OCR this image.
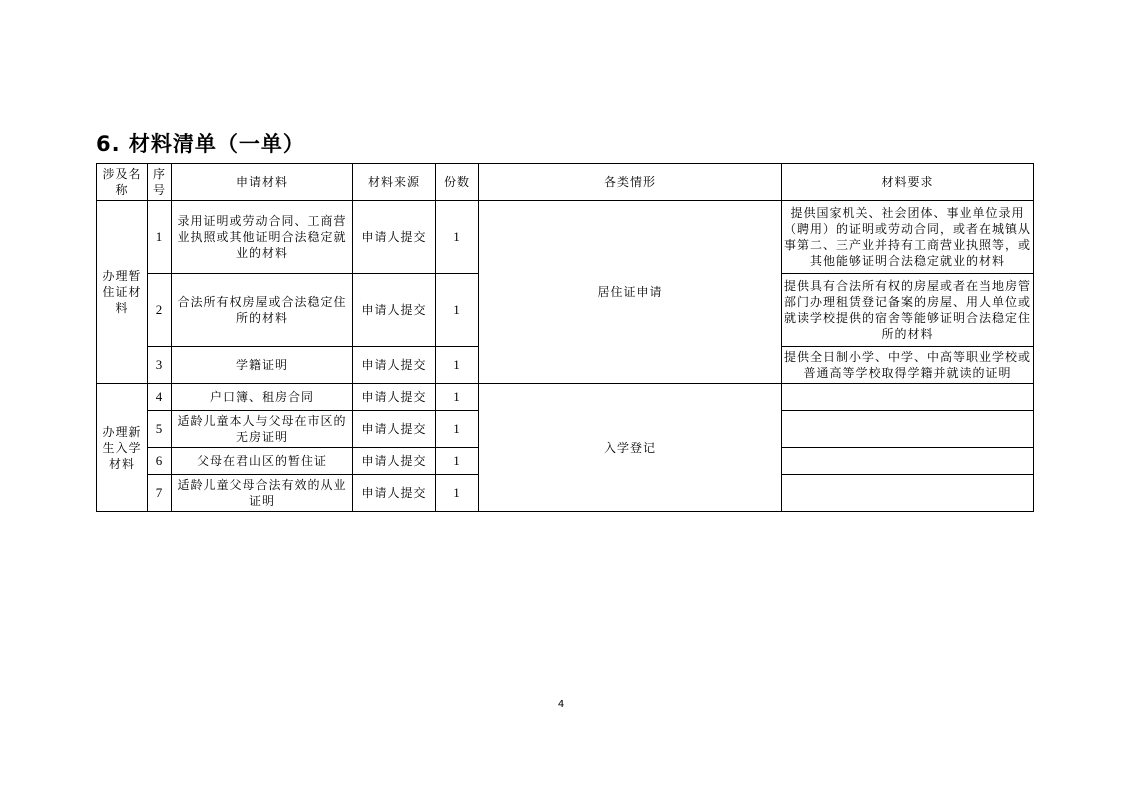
6. 材料清单（一单）
涉及名称	序号	申请材料	材料来源	份数	各类情形	材料要求
办理暂住证材料	1	录用证明或劳动合同、工商营业执照或其他证明合法稳定就业的材料	申请人提交	1	居住证申请	提供国家机关、社会团体、事业单位录用（聘用）的证明或劳动合同，或者在城镇从事第二、三产业并持有工商营业执照等，或其他能够证明合法稳定就业的材料
	2	合法所有权房屋或合法稳定住所的材料	申请人提交	1		提供具有合法所有权的房屋或者在当地房管部门办理租赁登记备案的房屋、用人单位或就读学校提供的宿舍等能够证明合法稳定住所的材料
	3	学籍证明	申请人提交	1		提供全日制小学、中学、中高等职业学校或普通高等学校取得学籍并就读的证明
办理新生入学材料	4	户口簿、租房合同	申请人提交	1	入学登记	
	5	适龄儿童本人与父母在市区的无房证明	申请人提交	1		
	6	父母在君山区的暂住证	申请人提交	1		
	7	适龄儿童父母合法有效的从业证明	申请人提交	1		
4
